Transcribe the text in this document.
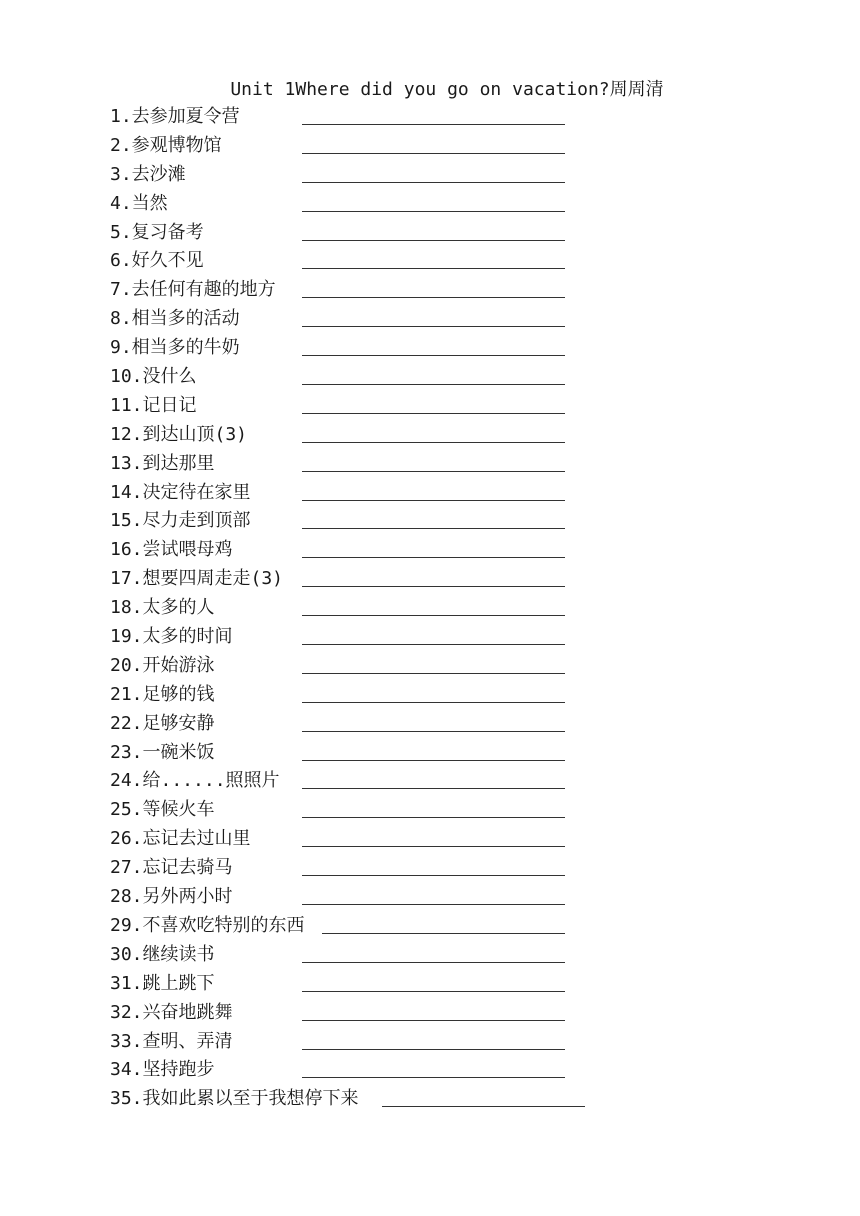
Unit 1Where did you go on vacation?周周清
1.去参加夏令营
2.参观博物馆
3.去沙滩
4.当然
5.复习备考
6.好久不见
7.去任何有趣的地方
8.相当多的活动
9.相当多的牛奶
10.没什么
11.记日记
12.到达山顶(3)
13.到达那里
14.决定待在家里
15.尽力走到顶部
16.尝试喂母鸡
17.想要四周走走(3)
18.太多的人
19.太多的时间
20.开始游泳
21.足够的钱
22.足够安静
23.一碗米饭
24.给......照照片
25.等候火车
26.忘记去过山里
27.忘记去骑马
28.另外两小时
29.不喜欢吃特别的东西
30.继续读书
31.跳上跳下
32.兴奋地跳舞
33.查明、弄清
34.坚持跑步
35.我如此累以至于我想停下来
